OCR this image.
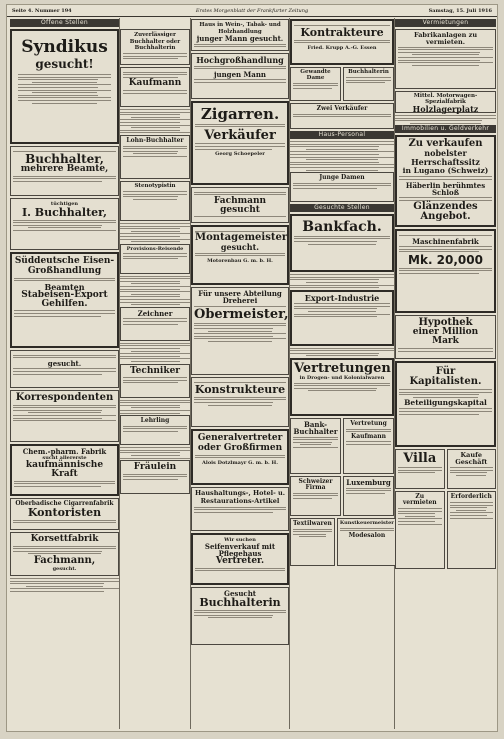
Seite 4. Nummer 194	Erstes Morgenblatt der Frankfurter Zeitung	Samstag, 15. Juli 1916
Offene Stellen
Syndikus
gesucht!
Buchhalter,
mehrere Beamte,
tüchtigen
I. Buchhalter,
Süddeutsche Eisen-Großhandlung
Beamten
Stabeisen-Export
Gehilfen.
gesucht.
Korrespondenten
Chem.-pharm. Fabrik
sucht allererste
kaufmännische Kraft
Oberbadische Cigarrenfabrik
Kontoristen
Korsettfabrik
Fachmann,
gesucht.
Zuverlässiger Buchhalter oder Buchhalterin
Kaufmann
Lohn-Buchhalter
Stenotypistin
Provisions-Reisende
Zeichner
Techniker
Lehrling
Fräulein
Haus in Wein-, Tabak- und Holzhandlung
junger Mann gesucht.
Hochgroßhandlung
jungen Mann
Zigarren.
Verkäufer
Georg Schoepeler
Fachmann gesucht
Montagemeister
gesucht.
Motorenbau G. m. b. H.
Für unsere Abteilung Dreherei
Obermeister,
Konstrukteure
Generalvertreter oder Großfirmen
Alois Dotzlmayr G. m. b. H.
Haushaltungs-, Hotel- u. Restaurations-Artikel
Wir suchen
Seifenverkauf mit Pflegehaus
Vertreter.
Gesucht
Buchhalterin
Kontrakteure
Fried. Krupp A.-G. Essen
Gewandte Dame
Buchhalterin
Zwei Verkäufer
Haus-Personal
Junge Damen
Gesuchte Stellen
Bankfach.
Export-Industrie
Vertretungen
in Drogen- und Kolonialwaren
Bank-Buchhalter
Vertretung
Kaufmann
Schweizer Firma
Luxemburg
Textilwaren Kunstkeuermeister
Modesalon
Vermietungen
Fabrikanlagen zu vermieten.
Mittel. Motorwagen-Spezialfabrik
Holzlagerplatz
Immobilien u. Geldverkehr
Zu verkaufen
nobelster Herrschaftssitz
in Lugano (Schweiz)
Häberlin berühmtes Schloß
Glänzendes Angebot.
Maschinenfabrik
Mk. 20,000
Hypothek
einer Million Mark
Für Kapitalisten.
Beteiligungskapital
Villa	Kaufe Geschäft
Zu vermieten
Erforderlich
